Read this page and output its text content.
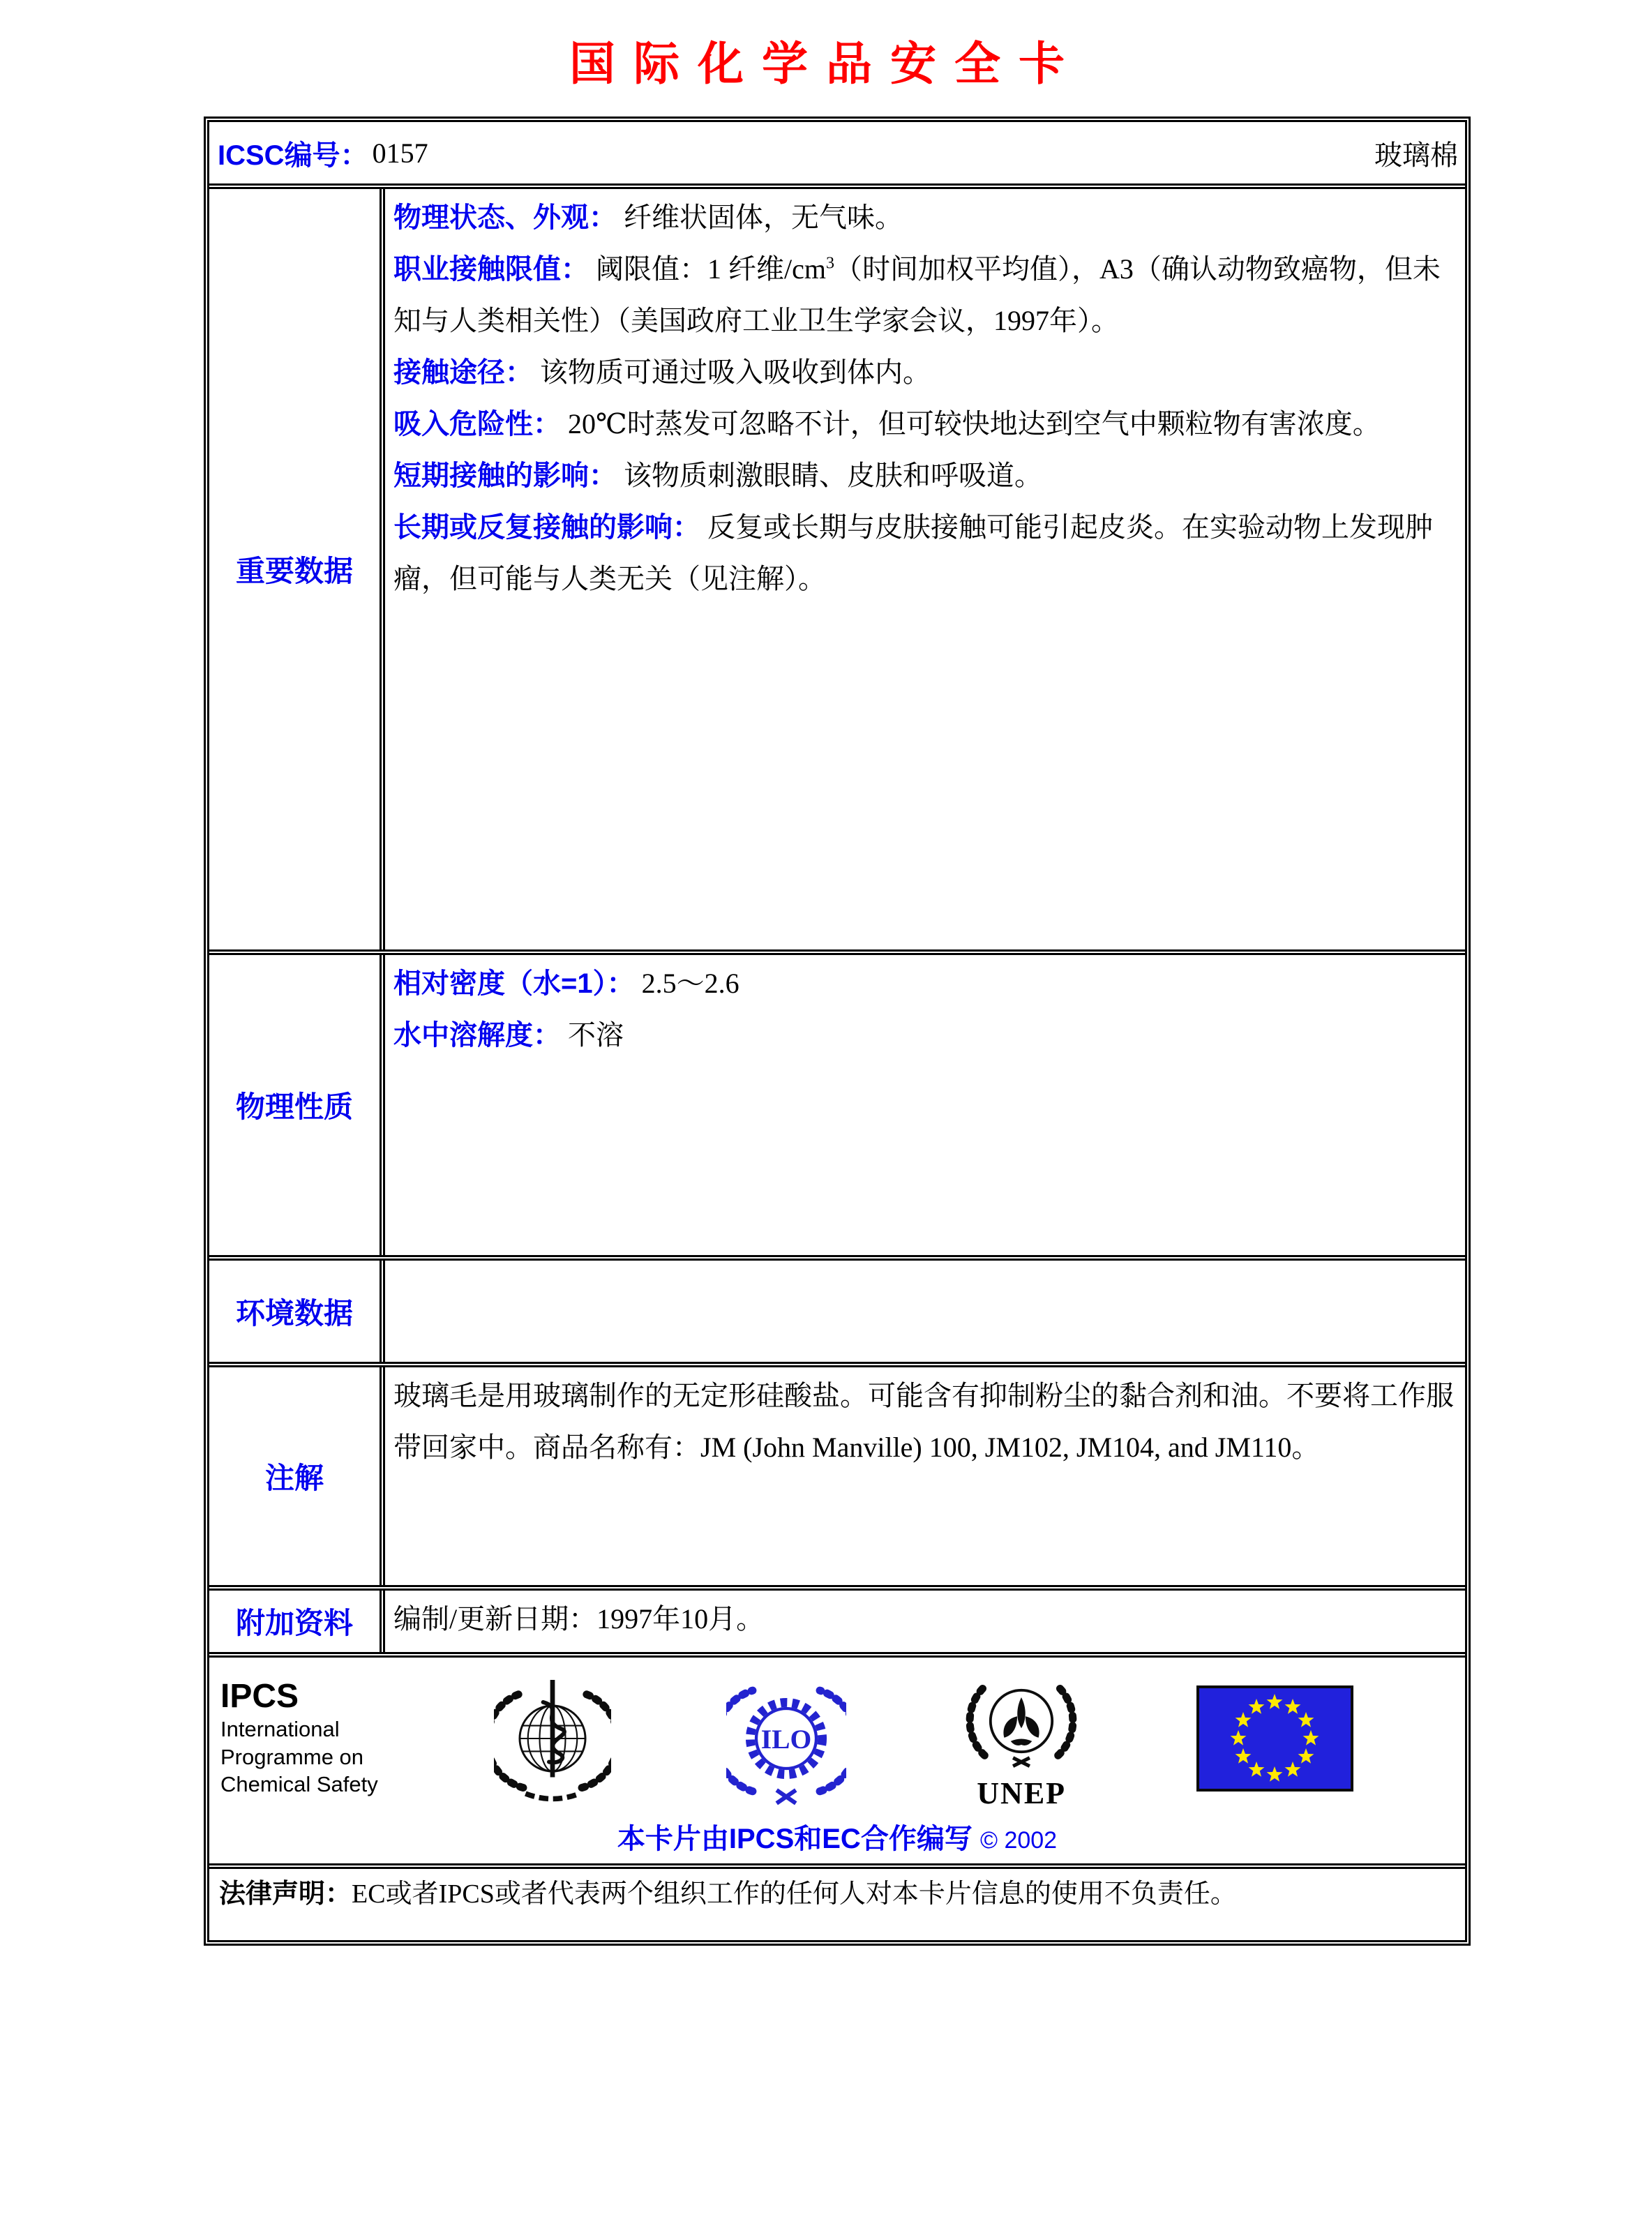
国际化学品安全卡
ICSC编号： 0157	玻璃棉
重要数据

物理状态、外观： 纤维状固体，无气味。

职业接触限值： 阈限值：1 纤维$/cm^3$（时间加权平均值），A3（确认动物致癌物，但未知与人类相关性）（美国政府工业卫生学家会议，1997年）。

接触途径： 该物质可通过吸入吸收到体内。

吸入危险性： 20℃时蒸发可忽略不计，但可较快地达到空气中颗粒物有害浓度。

短期接触的影响： 该物质刺激眼睛、皮肤和呼吸道。

长期或反复接触的影响： 反复或长期与皮肤接触可能引起皮炎。在实验动物上发现肿瘤，但可能与人类无关（见注解）。

物理性质

相对密度（水=1）： 2.5～2.6

水中溶解度： 不溶

环境数据
注解

玻璃毛是用玻璃制作的无定形硅酸盐。可能含有抑制粉尘的黏合剂和油。不要将工作服带回家中。商品名称有：JM (John Manville) 100, JM102, JM104, and JM110。

附加资料	编制/更新日期：1997年10月。

IPCS
International
Programme on
Chemical Safety
ILO
UNEP
本卡片由IPCS和EC合作编写 © 2002
法律声明：EC或者IPCS或者代表两个组织工作的任何人对本卡片信息的使用不负责任。
